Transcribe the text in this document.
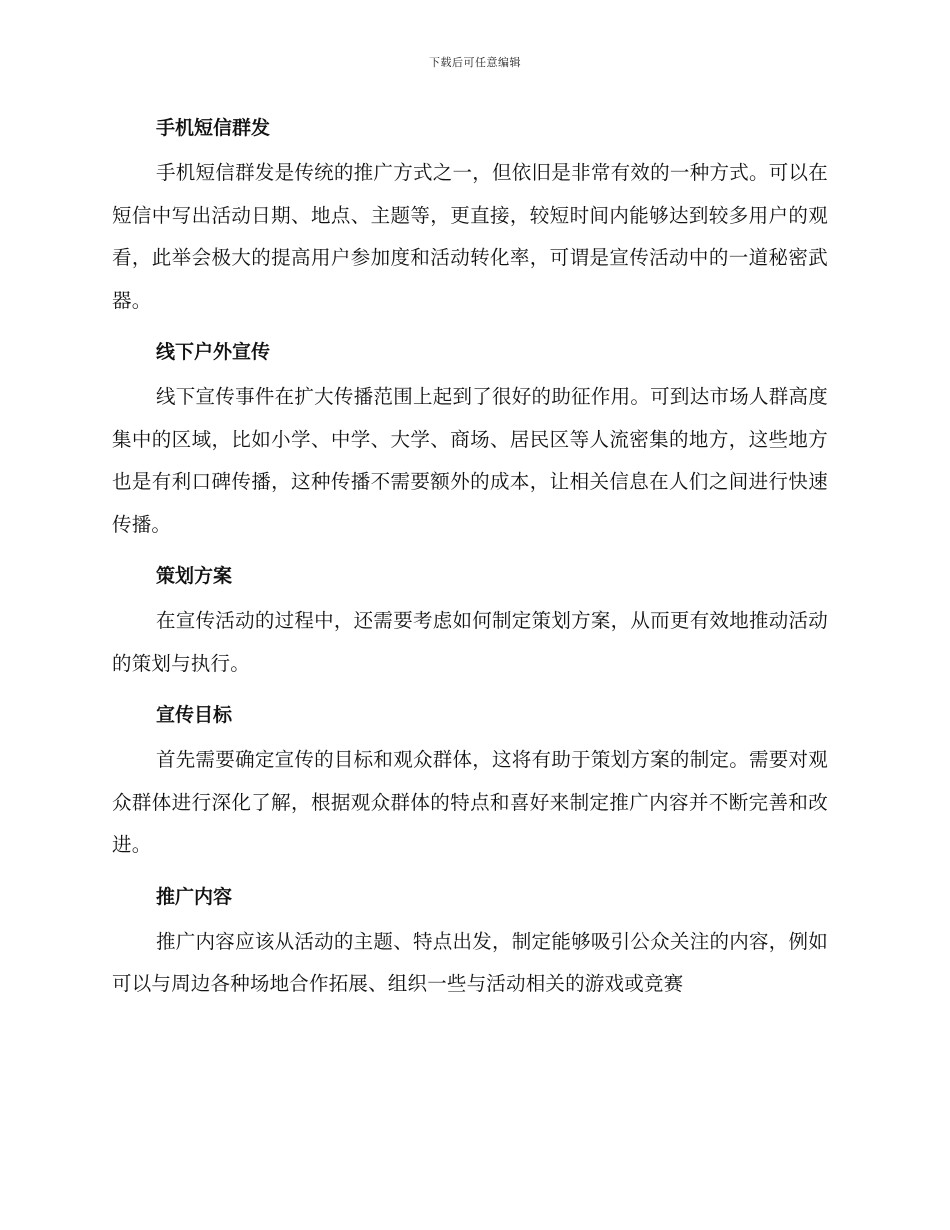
下载后可任意编辑
手机短信群发

手机短信群发是传统的推广方式之一，但依旧是非常有效的一种方式。可以在短信中写出活动日期、地点、主题等，更直接，较短时间内能够达到较多用户的观看，此举会极大的提高用户参加度和活动转化率，可谓是宣传活动中的一道秘密武器。

线下户外宣传

线下宣传事件在扩大传播范围上起到了很好的助征作用。可到达市场人群高度集中的区域，比如小学、中学、大学、商场、居民区等人流密集的地方，这些地方也是有利口碑传播，这种传播不需要额外的成本，让相关信息在人们之间进行快速传播。

策划方案

在宣传活动的过程中，还需要考虑如何制定策划方案，从而更有效地推动活动的策划与执行。

宣传目标

首先需要确定宣传的目标和观众群体，这将有助于策划方案的制定。需要对观众群体进行深化了解，根据观众群体的特点和喜好来制定推广内容并不断完善和改进。

推广内容

推广内容应该从活动的主题、特点出发，制定能够吸引公众关注的内容，例如可以与周边各种场地合作拓展、组织一些与活动相关的游戏或竞赛
